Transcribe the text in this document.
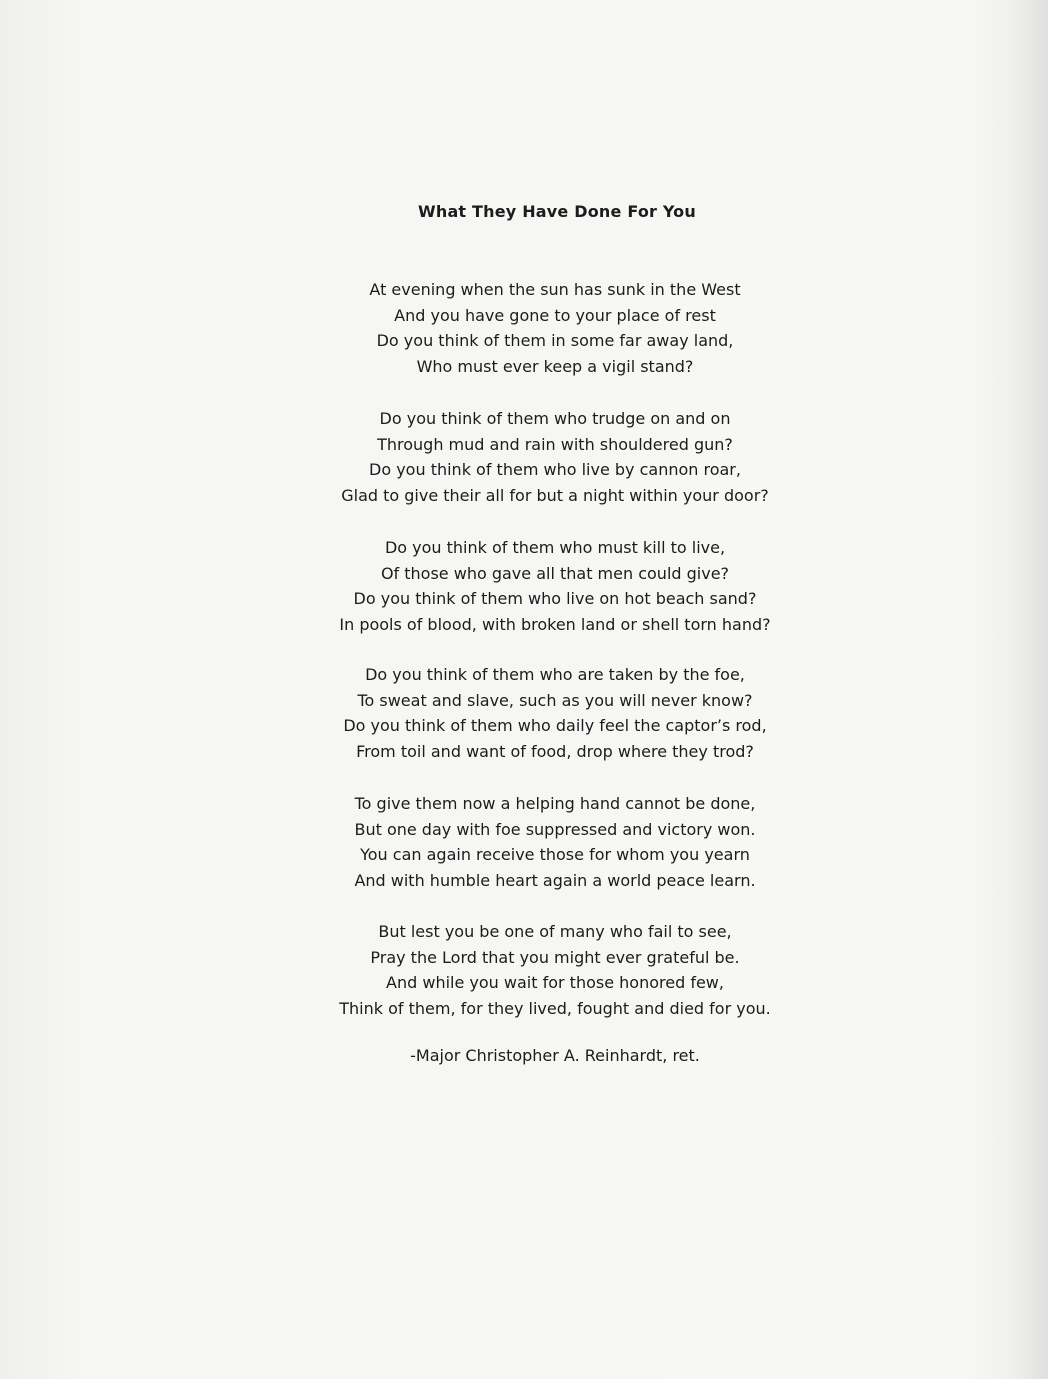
What They Have Done For You
At evening when the sun has sunk in the West
And you have gone to your place of rest
Do you think of them in some far away land,
Who must ever keep a vigil stand?
Do you think of them who trudge on and on
Through mud and rain with shouldered gun?
Do you think of them who live by cannon roar,
Glad to give their all for but a night within your door?
Do you think of them who must kill to live,
Of those who gave all that men could give?
Do you think of them who live on hot beach sand?
In pools of blood, with broken land or shell torn hand?
Do you think of them who are taken by the foe,
To sweat and slave, such as you will never know?
Do you think of them who daily feel the captor’s rod,
From toil and want of food, drop where they trod?
To give them now a helping hand cannot be done,
But one day with foe suppressed and victory won.
You can again receive those for whom you yearn
And with humble heart again a world peace learn.
But lest you be one of many who fail to see,
Pray the Lord that you might ever grateful be.
And while you wait for those honored few,
Think of them, for they lived, fought and died for you.
-Major Christopher A. Reinhardt, ret.
